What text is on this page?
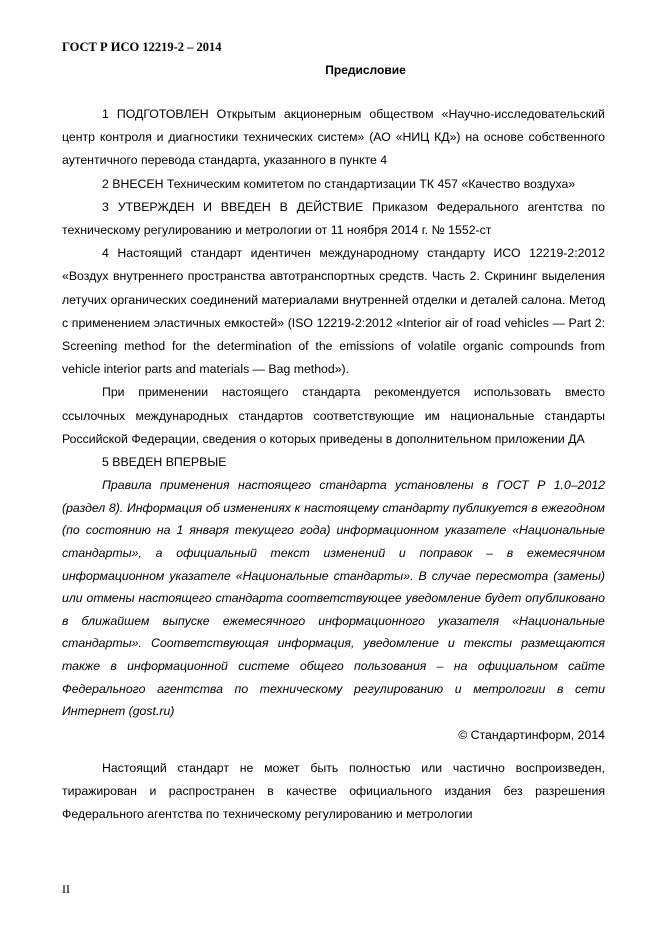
ГОСТ Р ИСО 12219-2 – 2014
Предисловие

1 ПОДГОТОВЛЕН Открытым акционерным обществом «Научно-исследовательский центр контроля и диагностики технических систем» (АО «НИЦ КД») на основе собственного аутентичного перевода стандарта, указанного в пункте 4

2 ВНЕСЕН Техническим комитетом по стандартизации ТК 457 «Качество воздуха»

3 УТВЕРЖДЕН И ВВЕДЕН В ДЕЙСТВИЕ Приказом Федерального агентства по техническому регулированию и метрологии от 11 ноября 2014 г. № 1552-ст

4 Настоящий стандарт идентичен международному стандарту ИСО 12219-2:2012 «Воздух внутреннего пространства автотранспортных средств. Часть 2. Скрининг выделения летучих органических соединений материалами внутренней отделки и деталей салона. Метод с применением эластичных емкостей» (ISO 12219-2:2012 «Interior air of road vehicles — Part 2: Screening method for the determination of the emissions of volatile organic compounds from vehicle interior parts and materials — Bag method»).

При применении настоящего стандарта рекомендуется использовать вместо ссылочных международных стандартов соответствующие им национальные стандарты Российской Федерации, сведения о которых приведены в дополнительном приложении ДА

5 ВВЕДЕН ВПЕРВЫЕ

Правила применения настоящего стандарта установлены в ГОСТ Р 1.0–2012 (раздел 8). Информация об изменениях к настоящему стандарту публикуется в ежегодном (по состоянию на 1 января текущего года) информационном указателе «Национальные стандарты», а официальный текст изменений и поправок – в ежемесячном информационном указателе «Национальные стандарты». В случае пересмотра (замены) или отмены настоящего стандарта соответствующее уведомление будет опубликовано в ближайшем выпуске ежемесячного информационного указателя «Национальные стандарты». Соответствующая информация, уведомление и тексты размещаются также в информационной системе общего пользования – на официальном сайте Федерального агентства по техническому регулированию и метрологии в сети Интернет (gost.ru)

© Стандартинформ, 2014

Настоящий стандарт не может быть полностью или частично воспроизведен, тиражирован и распространен в качестве официального издания без разрешения Федерального агентства по техническому регулированию и метрологии

II
